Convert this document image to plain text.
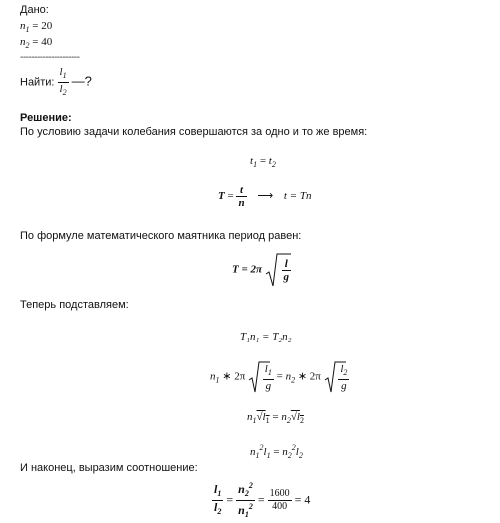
Дано:
$n_1 = 20$
$n_2 = 40$
---------------------
Найти: $\frac{l_1}{l_2}$ —?
Решение:
По условию задачи колебания совершаются за одно и то же время:
$t_1 = t_2$
$T = \frac{t}{n}$ ⟶ t = Tn
По формуле математического маятника период равен:
$T = 2\pi \frac{l}{g}$
Теперь подставляем:
T₁n₁ = T₂n₂
$n_1$ ∗ $2\pi \frac{l_1}{g} = n_2$ ∗ $2\pi \frac{l_2}{g}$
$n_1√l_1 = n_2√l_2$
$n_1^2l_1 = n_2^2l_2$
И наконец, выразим соотношение:
$\frac{l_1}{l_2} = \frac{n_2^2}{n_1^2} = \frac{1600}{400} = 4$
